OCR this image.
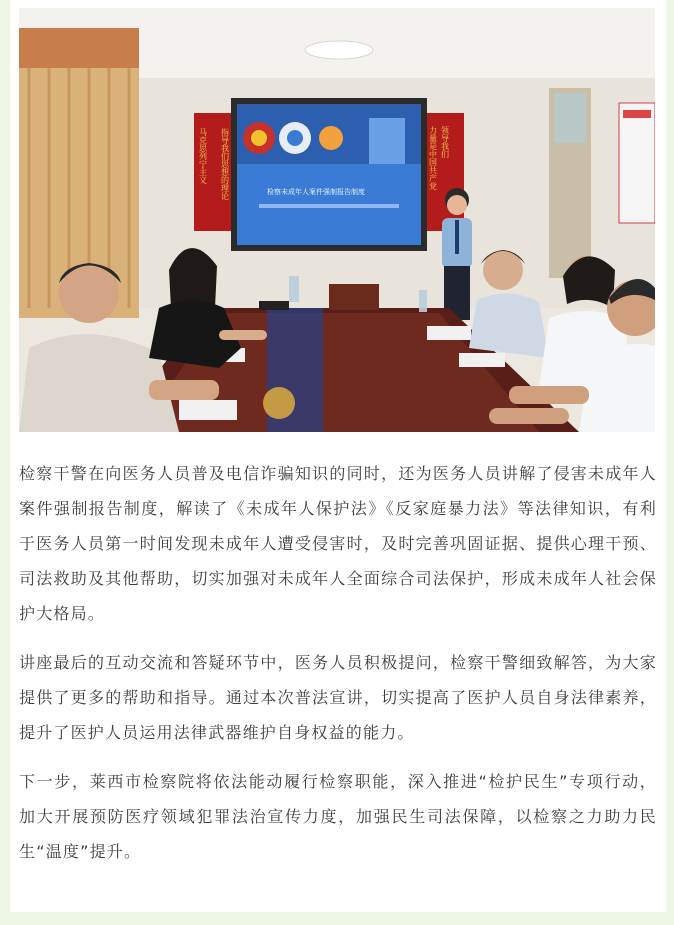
马克思列宁主义 指导我们思想的理论	领导我们
力量是中国共产党
检察未成年人案件强制报告制度

检察干警在向医务人员普及电信诈骗知识的同时，还为医务人员讲解了侵害未成年人案件强制报告制度，解读了《未成年人保护法》《反家庭暴力法》等法律知识，有利于医务人员第一时间发现未成年人遭受侵害时，及时完善巩固证据、提供心理干预、司法救助及其他帮助，切实加强对未成年人全面综合司法保护，形成未成年人社会保护大格局。

讲座最后的互动交流和答疑环节中，医务人员积极提问，检察干警细致解答，为大家提供了更多的帮助和指导。通过本次普法宣讲，切实提高了医护人员自身法律素养，提升了医护人员运用法律武器维护自身权益的能力。

下一步，莱西市检察院将依法能动履行检察职能，深入推进“检护民生”专项行动，加大开展预防医疗领域犯罪法治宣传力度，加强民生司法保障，以检察之力助力民生“温度”提升。
